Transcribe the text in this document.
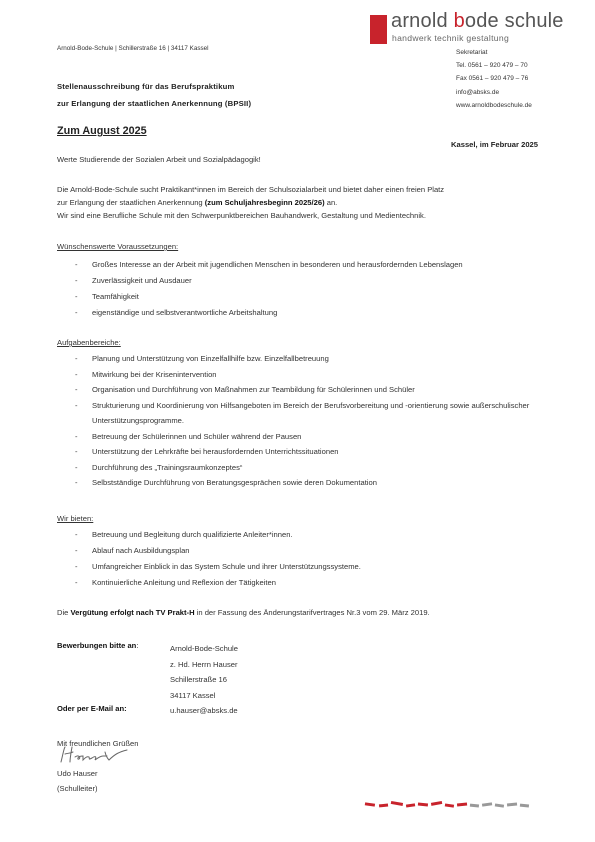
arnold bode schule
handwerk technik gestaltung
Arnold-Bode-Schule | Schillerstraße 16 | 34117 Kassel
Sekretariat
Tel. 0561 – 920 479 – 70
Fax 0561 – 920 479 – 76
info@absks.de
www.arnoldbodeschule.de
Stellenausschreibung für das Berufspraktikum
zur Erlangung der staatlichen Anerkennung (BPSII)
Zum August 2025
Kassel, im Februar 2025
Werte Studierende der Sozialen Arbeit und Sozialpädagogik!
Die Arnold-Bode-Schule sucht Praktikant*innen im Bereich der Schulsozialarbeit und bietet daher einen freien Platz
zur Erlangung der staatlichen Anerkennung (zum Schuljahresbeginn 2025/26) an.
Wir sind eine Berufliche Schule mit den Schwerpunktbereichen Bauhandwerk, Gestaltung und Medientechnik.
Wünschenswerte Voraussetzungen:
- Großes Interesse an der Arbeit mit jugendlichen Menschen in besonderen und herausfordernden Lebenslagen
- Zuverlässigkeit und Ausdauer
- Teamfähigkeit
- eigenständige und selbstverantwortliche Arbeitshaltung
Aufgabenbereiche:
- Planung und Unterstützung von Einzelfallhilfe bzw. Einzelfallbetreuung
- Mitwirkung bei der Krisenintervention
- Organisation und Durchführung von Maßnahmen zur Teambildung für Schülerinnen und Schüler
- Strukturierung und Koordinierung von Hilfsangeboten im Bereich der Berufsvorbereitung und -orientierung sowie außerschulischer Unterstützungsprogramme.
- Betreuung der Schülerinnen und Schüler während der Pausen
- Unterstützung der Lehrkräfte bei herausfordernden Unterrichtssituationen
- Durchführung des „Trainingsraumkonzeptes“
- Selbstständige Durchführung von Beratungsgesprächen sowie deren Dokumentation
Wir bieten:
- Betreuung und Begleitung durch qualifizierte Anleiter*innen.
- Ablauf nach Ausbildungsplan
- Umfangreicher Einblick in das System Schule und ihrer Unterstützungssysteme.
- Kontinuierliche Anleitung und Reflexion der Tätigkeiten
Die Vergütung erfolgt nach TV Prakt-H in der Fassung des Änderungstarifvertrages Nr.3 vom 29. März 2019.
Bewerbungen bitte an:	Arnold-Bode-Schule
z. Hd. Herrn Hauser
Schillerstraße 16
34117 Kassel
u.hauser@absks.de
Oder per E-Mail an:
Mit freundlichen Grüßen
Udo Hauser
(Schulleiter)
